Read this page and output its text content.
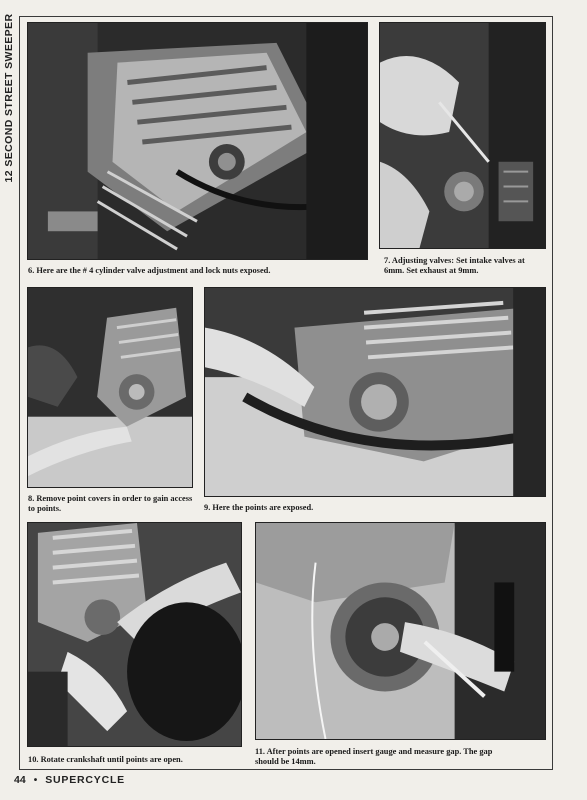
12 SECOND STREET SWEEPER
6. Here are the # 4 cylinder valve adjustment and lock nuts exposed.
7. Adjusting valves: Set intake valves at 6mm. Set exhaust at 9mm.
8. Remove point covers in order to gain access to points.	9. Here the points are exposed.
10. Rotate crankshaft until points are open.
11. After points are opened insert gauge and measure gap. The gap should be 14mm.
44 • SUPERCYCLE
